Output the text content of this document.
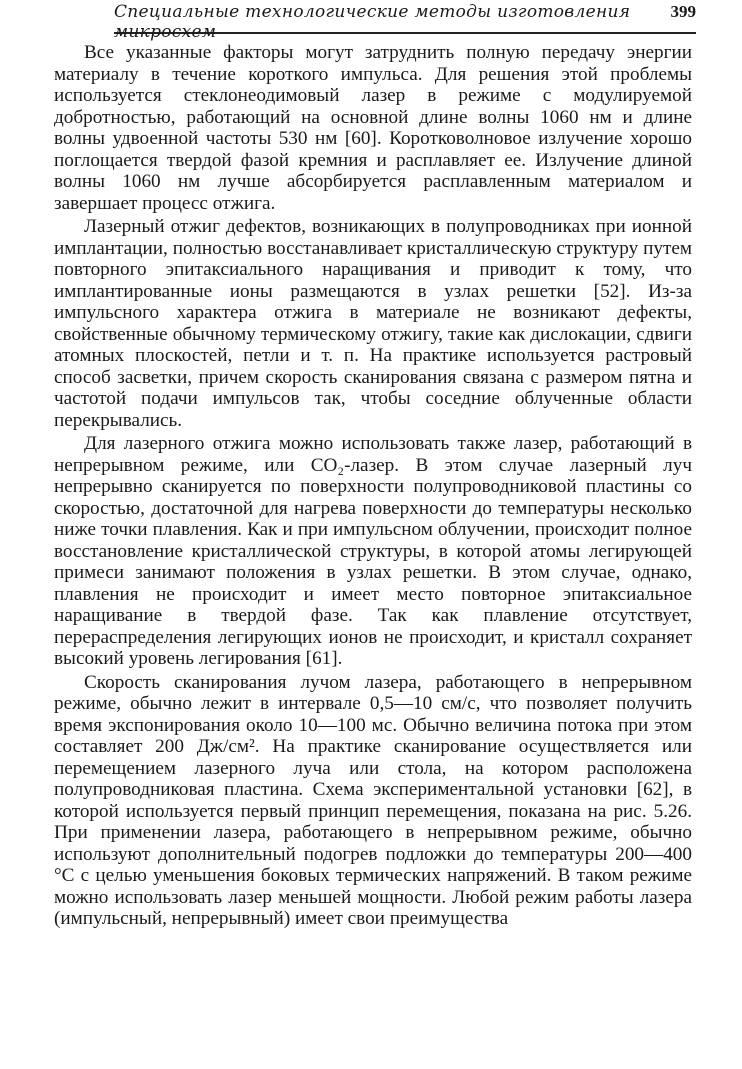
Специальные технологические методы изготовления микросхем
399

Все указанные факторы могут затруднить полную передачу энергии материалу в течение короткого импульса. Для решения этой проблемы используется стеклонеодимовый лазер в режиме с модулируемой добротностью, работающий на основной длине волны 1060 нм и длине волны удвоенной частоты 530 нм [60]. Коротковолновое излучение хорошо поглощается твердой фазой кремния и расплавляет ее. Излучение длиной волны 1060 нм лучше абсорбируется расплавленным материалом и завершает процесс отжига.

Лазерный отжиг дефектов, возникающих в полупроводниках при ионной имплантации, полностью восстанавливает кристаллическую структуру путем повторного эпитаксиального наращивания и приводит к тому, что имплантированные ионы размещаются в узлах решетки [52]. Из-за импульсного характера отжига в материале не возникают дефекты, свойственные обычному термическому отжигу, такие как дислокации, сдвиги атомных плоскостей, петли и т. п. На практике используется растровый способ засветки, причем скорость сканирования связана с размером пятна и частотой подачи импульсов так, чтобы соседние облученные области перекрывались.

Для лазерного отжига можно использовать также лазер, работающий в непрерывном режиме, или CO₂-лазер. В этом случае лазерный луч непрерывно сканируется по поверхности полупроводниковой пластины со скоростью, достаточной для нагрева поверхности до температуры несколько ниже точки плавления. Как и при импульсном облучении, происходит полное восстановление кристаллической структуры, в которой атомы легирующей примеси занимают положения в узлах решетки. В этом случае, однако, плавления не происходит и имеет место повторное эпитаксиальное наращивание в твердой фазе. Так как плавление отсутствует, перераспределения легирующих ионов не происходит, и кристалл сохраняет высокий уровень легирования [61].

Скорость сканирования лучом лазера, работающего в непрерывном режиме, обычно лежит в интервале 0,5—10 см/с, что позволяет получить время экспонирования около 10—100 мс. Обычно величина потока при этом составляет 200 Дж/см². На практике сканирование осуществляется или перемещением лазерного луча или стола, на котором расположена полупроводниковая пластина. Схема экспериментальной установки [62], в которой используется первый принцип перемещения, показана на рис. 5.26. При применении лазера, работающего в непрерывном режиме, обычно используют дополнительный подогрев подложки до температуры 200—400 °С с целью уменьшения боковых термических напряжений. В таком режиме можно использовать лазер меньшей мощности. Любой режим работы лазера (импульсный, непрерывный) имеет свои преимущества
